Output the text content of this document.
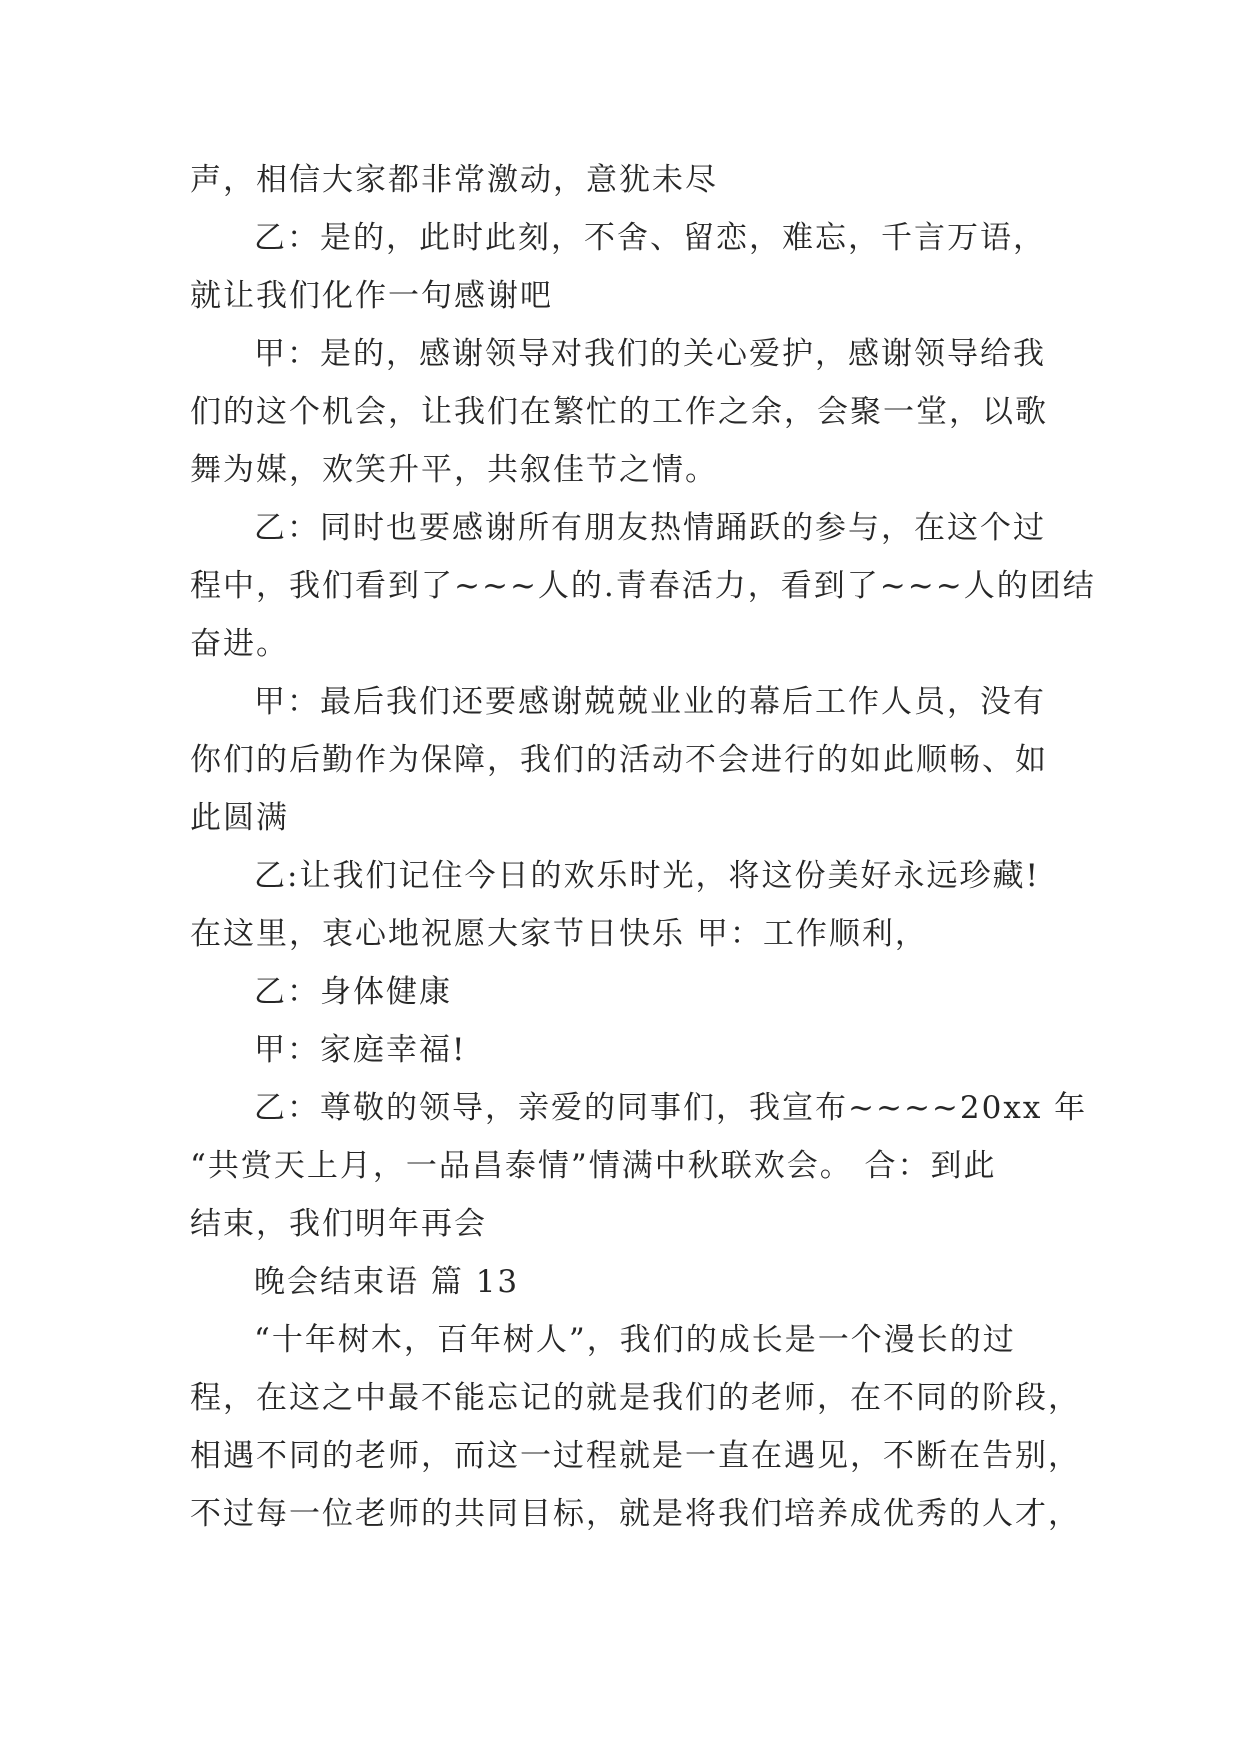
声，相信大家都非常激动，意犹未尽
乙：是的，此时此刻，不舍、留恋，难忘，千言万语，
就让我们化作一句感谢吧
甲：是的，感谢领导对我们的关心爱护，感谢领导给我
们的这个机会，让我们在繁忙的工作之余，会聚一堂，以歌
舞为媒，欢笑升平，共叙佳节之情。
乙：同时也要感谢所有朋友热情踊跃的参与，在这个过
程中，我们看到了~~~人的.青春活力，看到了~~~人的团结
奋进。
甲：最后我们还要感谢兢兢业业的幕后工作人员，没有
你们的后勤作为保障，我们的活动不会进行的如此顺畅、如
此圆满
乙:让我们记住今日的欢乐时光，将这份美好永远珍藏!
在这里，衷心地祝愿大家节日快乐 甲：工作顺利，
乙：身体健康
甲：家庭幸福!
乙：尊敬的领导，亲爱的同事们，我宣布~~~~20xx 年
“共赏天上月，一品昌泰情”情满中秋联欢会。 合：到此
结束，我们明年再会
晚会结束语 篇 13
“十年树木，百年树人”，我们的成长是一个漫长的过
程，在这之中最不能忘记的就是我们的老师，在不同的阶段，
相遇不同的老师，而这一过程就是一直在遇见，不断在告别，
不过每一位老师的共同目标，就是将我们培养成优秀的人才，
